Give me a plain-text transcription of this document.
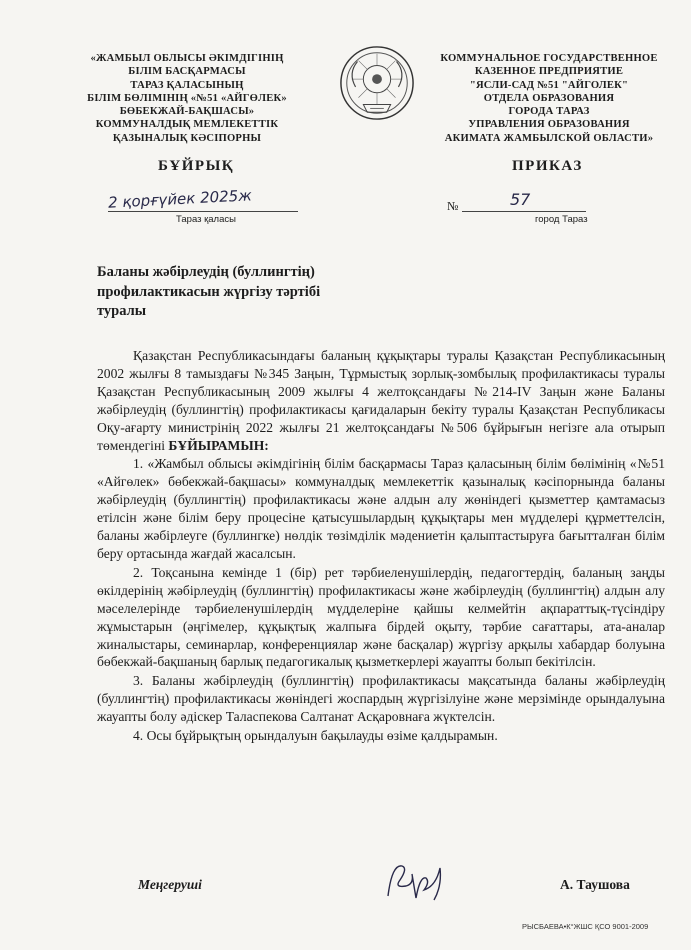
«ЖАМБЫЛ ОБЛЫСЫ ӘКІМДІГІНІҢ
БІЛІМ БАСҚАРМАСЫ
ТАРАЗ ҚАЛАСЫНЫҢ
БІЛІМ БӨЛІМІНІҢ «№51 «АЙГӨЛЕК»
БӨБЕКЖАЙ-БАҚШАСЫ»
КОММУНАЛДЫҚ МЕМЛЕКЕТТІК
ҚАЗЫНАЛЫҚ КӘСІПОРНЫ
КОММУНАЛЬНОЕ ГОСУДАРСТВЕННОЕ
КАЗЕННОЕ ПРЕДПРИЯТИЕ
"ЯСЛИ-САД №51 "АЙГОЛЕК"
ОТДЕЛА ОБРАЗОВАНИЯ
ГОРОДА ТАРАЗ
УПРАВЛЕНИЯ ОБРАЗОВАНИЯ
АКИМАТА ЖАМБЫЛСКОЙ ОБЛАСТИ»
БҰЙРЫҚ	ПРИКАЗ
2 қорғүйек 2025ж
Тараз қаласы
№	57
город Тараз
Баланы жәбірлеудің (буллингтің)
профилактикасын жүргізу тәртібі
туралы

Қазақстан Республикасындағы баланың құқықтары туралы Қазақстан Республикасының 2002 жылғы 8 тамыздағы №345 Заңын, Тұрмыстық зорлық-зомбылық профилактикасы туралы Қазақстан Республикасының 2009 жылғы 4 желтоқсандағы №214-IV Заңын және Баланы жәбірлеудің (буллингтің) профилактикасы қағидаларын бекіту туралы Қазақстан Республикасы Оқу-ағарту министрінің 2022 жылғы 21 желтоқсандағы №506 бұйрығын негізге ала отырып төмендегіні БҰЙЫРАМЫН:

1. «Жамбыл облысы әкімдігінің білім басқармасы Тараз қаласының білім бөлімінің «№51 «Айгөлек» бөбекжай-бақшасы» коммуналдық мемлекеттік қазыналық кәсіпорнында баланы жәбірлеудің (буллингтің) профилактикасы және алдын алу жөніндегі қызметтер қамтамасыз етілсін және білім беру процесіне қатысушылардың құқықтары мен мүдделері құрметтелсін, баланы жәбірлеуге (буллингке) нөлдік төзімділік мәдениетін қалыптастыруға бағытталған білім беру ортасында жағдай жасалсын.

2. Тоқсанына кемінде 1 (бір) рет тәрбиеленушілердің, педагогтердің, баланың заңды өкілдерінің жәбірлеудің (буллингтің) профилактикасы және жәбірлеудің (буллингтің) алдын алу мәселелерінде тәрбиеленушілердің мүдделеріне қайшы келмейтін ақпараттық-түсіндіру жұмыстарын (әңгімелер, құқықтық жалпыға бірдей оқыту, тәрбие сағаттары, ата-аналар жиналыстары, семинарлар, конференциялар және басқалар) жүргізу арқылы хабардар болуына бөбекжай-бақшаның барлық педагогикалық қызметкерлері жауапты болып бекітілсін.

3. Баланы жәбірлеудің (буллингтің) профилактикасы мақсатында баланы жәбірлеудің (буллингтің) профилактикасы жөніндегі жоспардың жүргізілуіне және мерзімінде орындалуына жауапты болу әдіскер Таласпекова Салтанат Асқаровнаға жүктелсін.

4. Осы бұйрықтың орындалуын бақылауды өзіме қалдырамын.

Меңгеруші	А. Таушова
РЫСБАЕВА•К°ЖШС ҚСО 9001-2009
